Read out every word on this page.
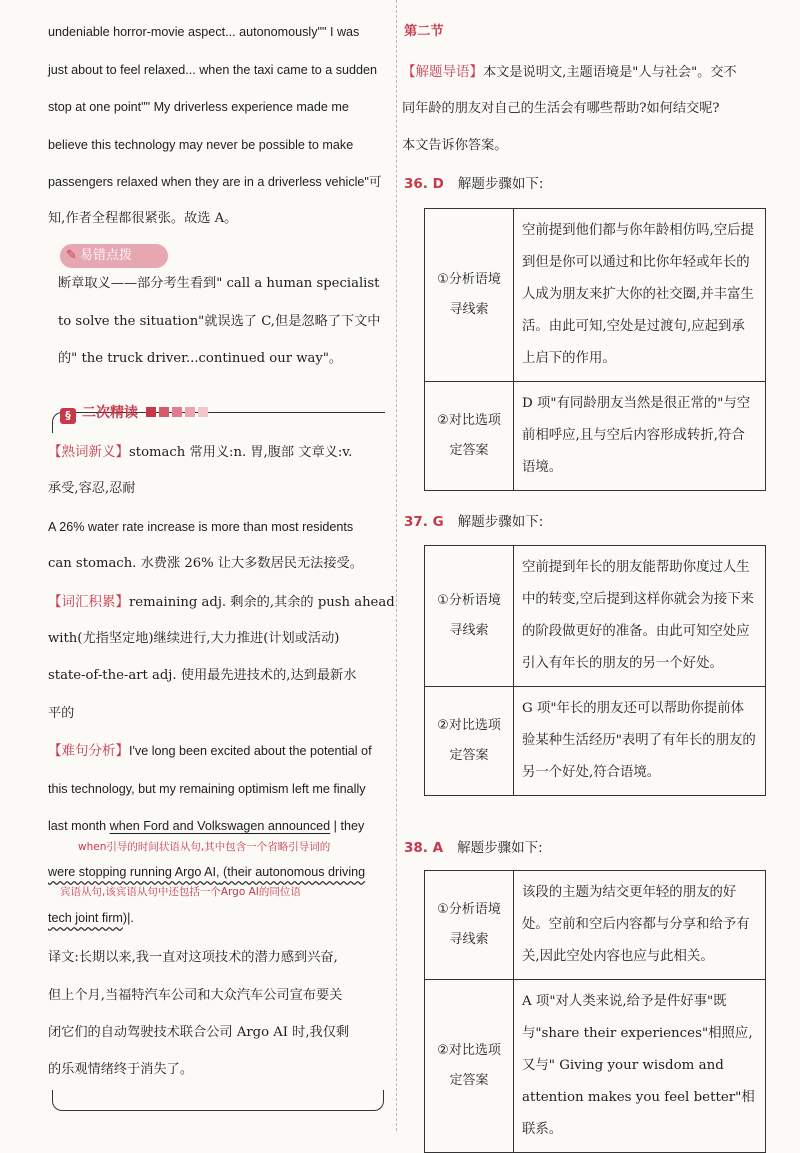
undeniable horror-movie aspect... autonomously"" I was
just about to feel relaxed... when the taxi came to a sudden
stop at one point"" My driverless experience made me
believe this technology may never be possible to make
passengers relaxed when they are in a driverless vehicle"可
知,作者全程都很紧张。故选 A。
✎ 易错点拨
断章取义——部分考生看到" call a human specialist
to solve the situation"就误选了 C,但是忽略了下文中
的" the truck driver...continued our way"。
§ 二次精读
【熟词新义】stomach 常用义:n. 胃,腹部 文章义:v.
承受,容忍,忍耐
A 26% water rate increase is more than most residents
can stomach. 水费涨 26% 让大多数居民无法接受。
【词汇积累】remaining adj. 剩余的,其余的 push ahead
with(尤指坚定地)继续进行,大力推进(计划或活动)
state-of-the-art adj. 使用最先进技术的,达到最新水
平的
【难句分析】I've long been excited about the potential of
this technology, but my remaining optimism left me finally
last month when Ford and Volkswagen announced | they
when引导的时间状语从句,其中包含一个省略引导词的
were stopping running Argo AI, (their autonomous driving
宾语从句,该宾语从句中还包括一个Argo AI的同位语
tech joint firm)|.
译文:长期以来,我一直对这项技术的潜力感到兴奋,
但上个月,当福特汽车公司和大众汽车公司宣布要关
闭它们的自动驾驶技术联合公司 Argo AI 时,我仅剩
的乐观情绪终于消失了。
第二节
【解题导语】本文是说明文,主题语境是"人与社会"。交不
同年龄的朋友对自己的生活会有哪些帮助?如何结交呢?
本文告诉你答案。
36. D 解题步骤如下:
①分析语境
寻线索	空前提到他们都与你年龄相仿吗,空后提到但是你可以通过和比你年轻或年长的人成为朋友来扩大你的社交圈,并丰富生活。由此可知,空处是过渡句,应起到承上启下的作用。

②对比选项
定答案	D 项"有同龄朋友当然是很正常的"与空前相呼应,且与空后内容形成转折,符合语境。
37. G 解题步骤如下:
①分析语境
寻线索	空前提到年长的朋友能帮助你度过人生中的转变,空后提到这样你就会为接下来的阶段做更好的准备。由此可知空处应引入有年长的朋友的另一个好处。

②对比选项
定答案	G 项"年长的朋友还可以帮助你提前体验某种生活经历"表明了有年长的朋友的另一个好处,符合语境。
38. A 解题步骤如下:
①分析语境
寻线索	该段的主题为结交更年轻的朋友的好处。空前和空后内容都与分享和给予有关,因此空处内容也应与此相关。

②对比选项
定答案	A 项"对人类来说,给予是件好事"既与"share their experiences"相照应,又与" Giving your wisdom and attention makes you feel better"相联系。
